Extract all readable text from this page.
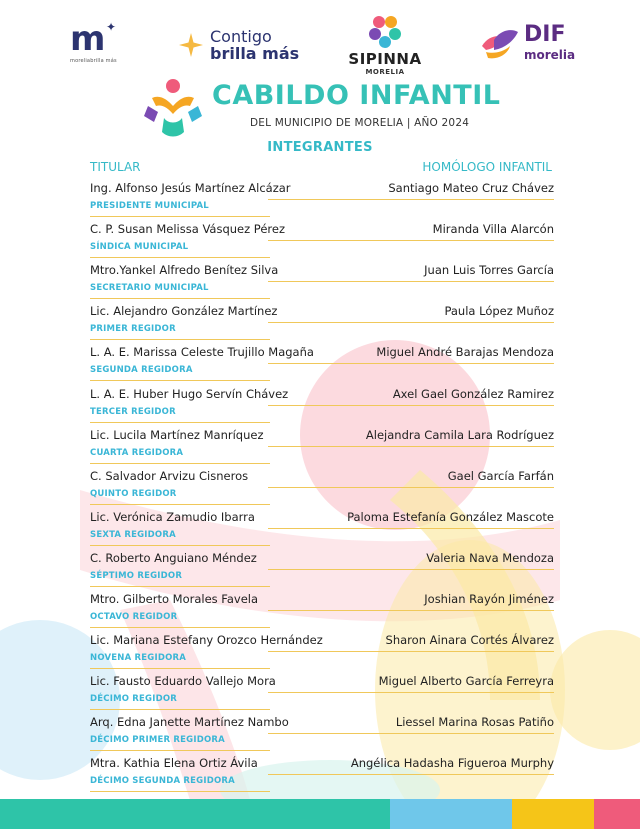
m ✦
moreliabrilla más
Contigo
brilla más	SIPINNA
MORELIA
DIF
morelia
CABILDO INFANTIL
DEL MUNICIPIO DE MORELIA | AÑO 2024
INTEGRANTES
TITULAR	HOMÓLOGO INFANTIL
Ing. Alfonso Jesús Martínez Alcázar	Santiago Mateo Cruz Chávez
PRESIDENTE MUNICIPAL
C. P. Susan Melissa Vásquez Pérez	Miranda Villa Alarcón
SÍNDICA MUNICIPAL
Mtro.Yankel Alfredo Benítez Silva	Juan Luis Torres García
SECRETARIO MUNICIPAL
Lic. Alejandro González Martínez	Paula López Muñoz
PRIMER REGIDOR
L. A. E. Marissa Celeste Trujillo Magaña	Miguel André Barajas Mendoza
SEGUNDA REGIDORA
L. A. E. Huber Hugo Servín Chávez	Axel Gael González Ramirez
TERCER REGIDOR
Lic. Lucila Martínez Manríquez	Alejandra Camila Lara Rodríguez
CUARTA REGIDORA
C. Salvador Arvizu Cisneros	Gael García Farfán
QUINTO REGIDOR
Lic. Verónica Zamudio Ibarra	Paloma Estefanía González Mascote
SEXTA REGIDORA
C. Roberto Anguiano Méndez	Valeria Nava Mendoza
SÉPTIMO REGIDOR
Mtro. Gilberto Morales Favela	Joshian Rayón Jiménez
OCTAVO REGIDOR
Lic. Mariana Estefany Orozco Hernández	Sharon Ainara Cortés Álvarez
NOVENA REGIDORA
Lic. Fausto Eduardo Vallejo Mora	Miguel Alberto García Ferreyra
DÉCIMO REGIDOR
Arq. Edna Janette Martínez Nambo	Liessel Marina Rosas Patiño
DÉCIMO PRIMER REGIDORA
Mtra. Kathia Elena Ortiz Ávila	Angélica Hadasha Figueroa Murphy
DÉCIMO SEGUNDA REGIDORA
